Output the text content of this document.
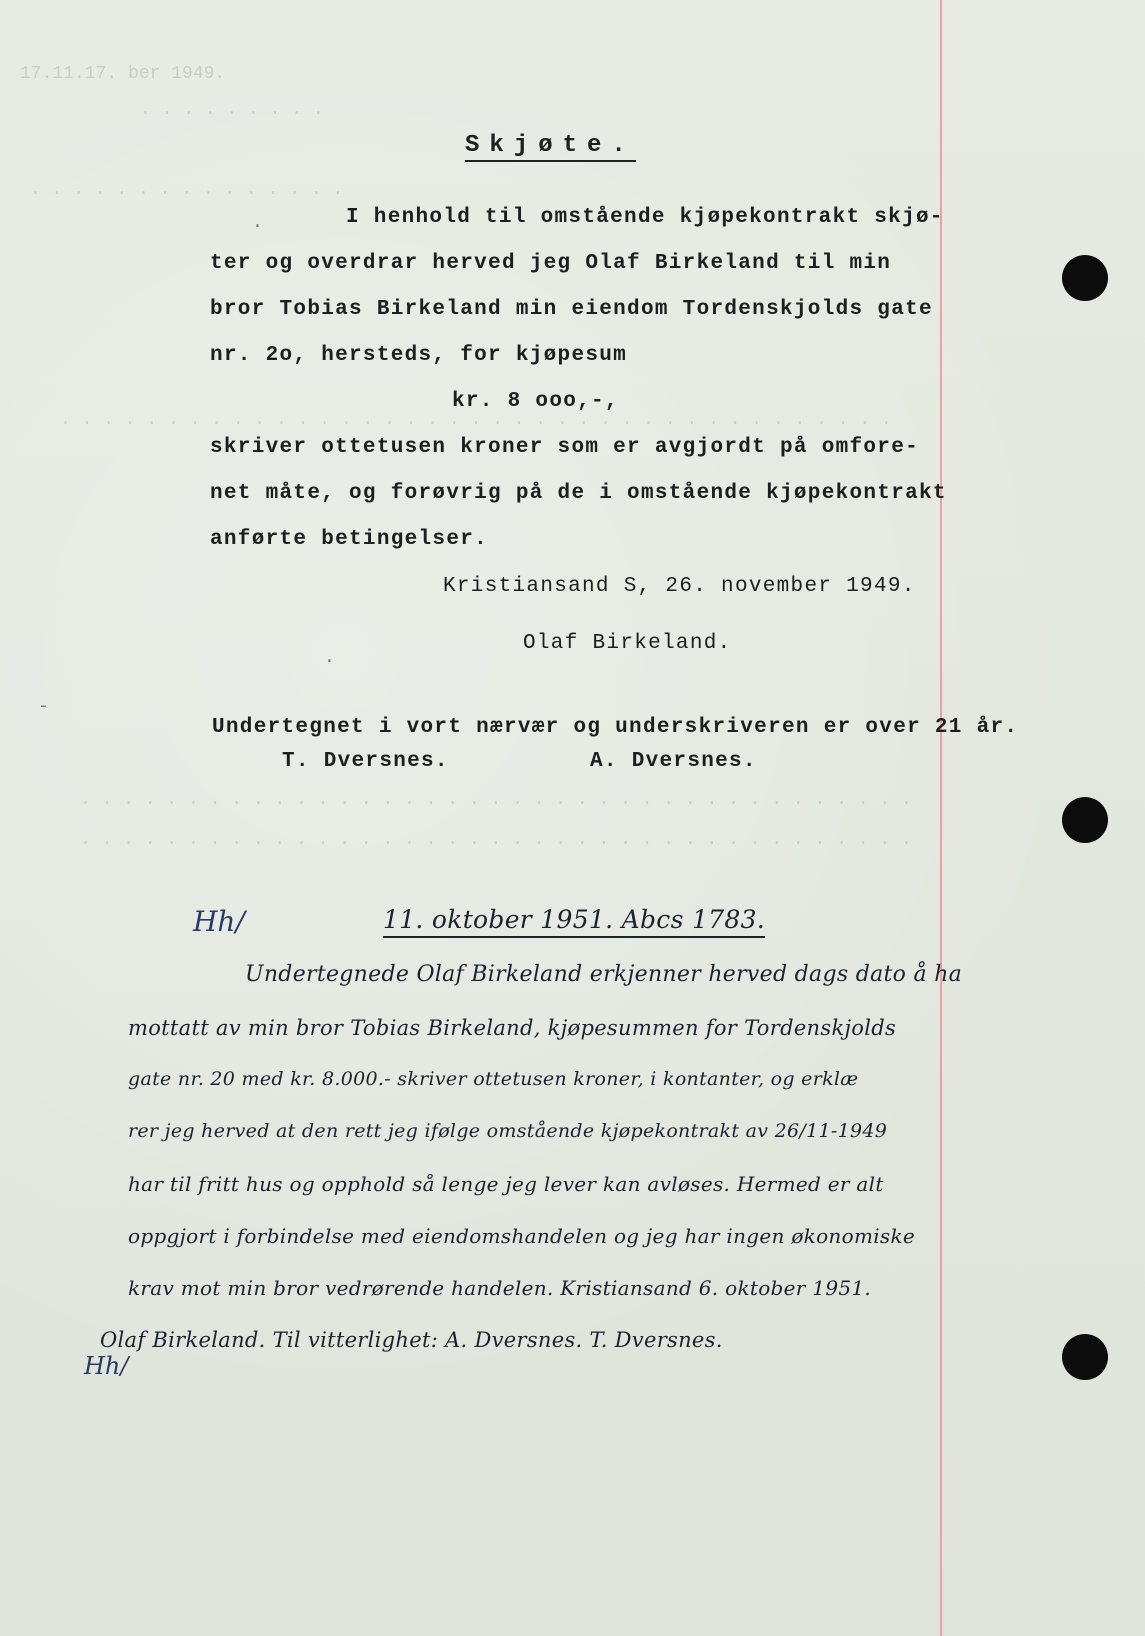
17.11.17. ber 1949.
. . . . . . . . .
. . . . . . . . . . . . . . .
. . . . . . . . . . . . . . . . . . . . . . . . . . . . . . . . . . . . . . .
. . . . . . . . . . . . . . . . . . . . . . . . . . . . . . . . . . . . . . .
. . . . . . . . . . . . . . . . . . . . . . . . . . . . . . . . . . . . . . .
-
.
.
Skjøte.
I henhold til omstående kjøpekontrakt skjø-
ter og overdrar herved jeg Olaf Birkeland til min
bror Tobias Birkeland min eiendom Tordenskjolds gate
nr. 2o, hersteds, for kjøpesum
kr. 8 ooo,-,
skriver ottetusen kroner som er avgjordt på omfore-
net måte, og forøvrig på de i omstående kjøpekontrakt
anførte betingelser.
Kristiansand S, 26. november 1949.
Olaf Birkeland.
Undertegnet i vort nærvær og underskriveren er over 21 år.
T. Dversnes.	A. Dversnes.
Hh/	11. oktober 1951. Abcs 1783.
Undertegnede Olaf Birkeland erkjenner herved dags dato å ha
mottatt av min bror Tobias Birkeland, kjøpesummen for Tordenskjolds
gate nr. 20 med kr. 8.000.- skriver ottetusen kroner, i kontanter, og erklæ
rer jeg herved at den rett jeg ifølge omstående kjøpekontrakt av 26/11-1949
har til fritt hus og opphold så lenge jeg lever kan avløses. Hermed er alt
oppgjort i forbindelse med eiendomshandelen og jeg har ingen økonomiske
krav mot min bror vedrørende handelen. Kristiansand 6. oktober 1951.
Olaf Birkeland. Til vitterlighet: A. Dversnes. T. Dversnes.
Hh/
